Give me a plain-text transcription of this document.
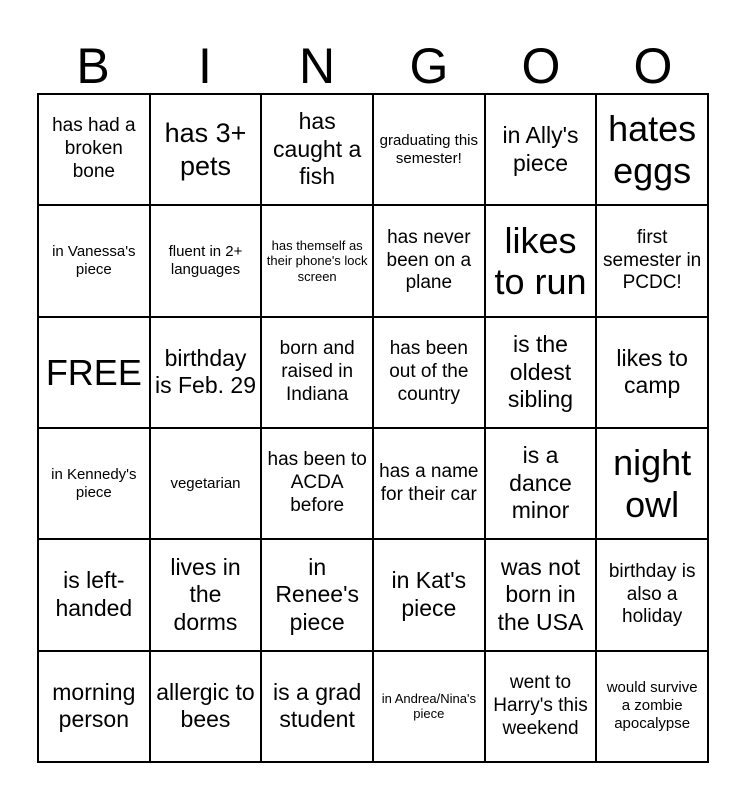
B	I	N	G	O	O
has had a broken bone
has 3+ pets
has caught a fish
graduating this semester!
in Ally's piece
hates eggs
in Vanessa's piece
fluent in 2+ languages
has themself as their phone's lock screen
has never been on a plane
likes to run
first semester in PCDC!
FREE birthday is Feb. 29
born and raised in Indiana
has been out of the country
is the oldest sibling
likes to camp
in Kennedy's piece
vegetarian
has been to ACDA before
has a name for their car
is a dance minor
night owl
is left-handed
lives in the dorms
in Renee's piece
in Kat's piece
was not born in the USA
birthday is also a holiday
morning person
allergic to bees
is a grad student
in Andrea/Nina's piece
went to Harry's this weekend
would survive a zombie apocalypse
